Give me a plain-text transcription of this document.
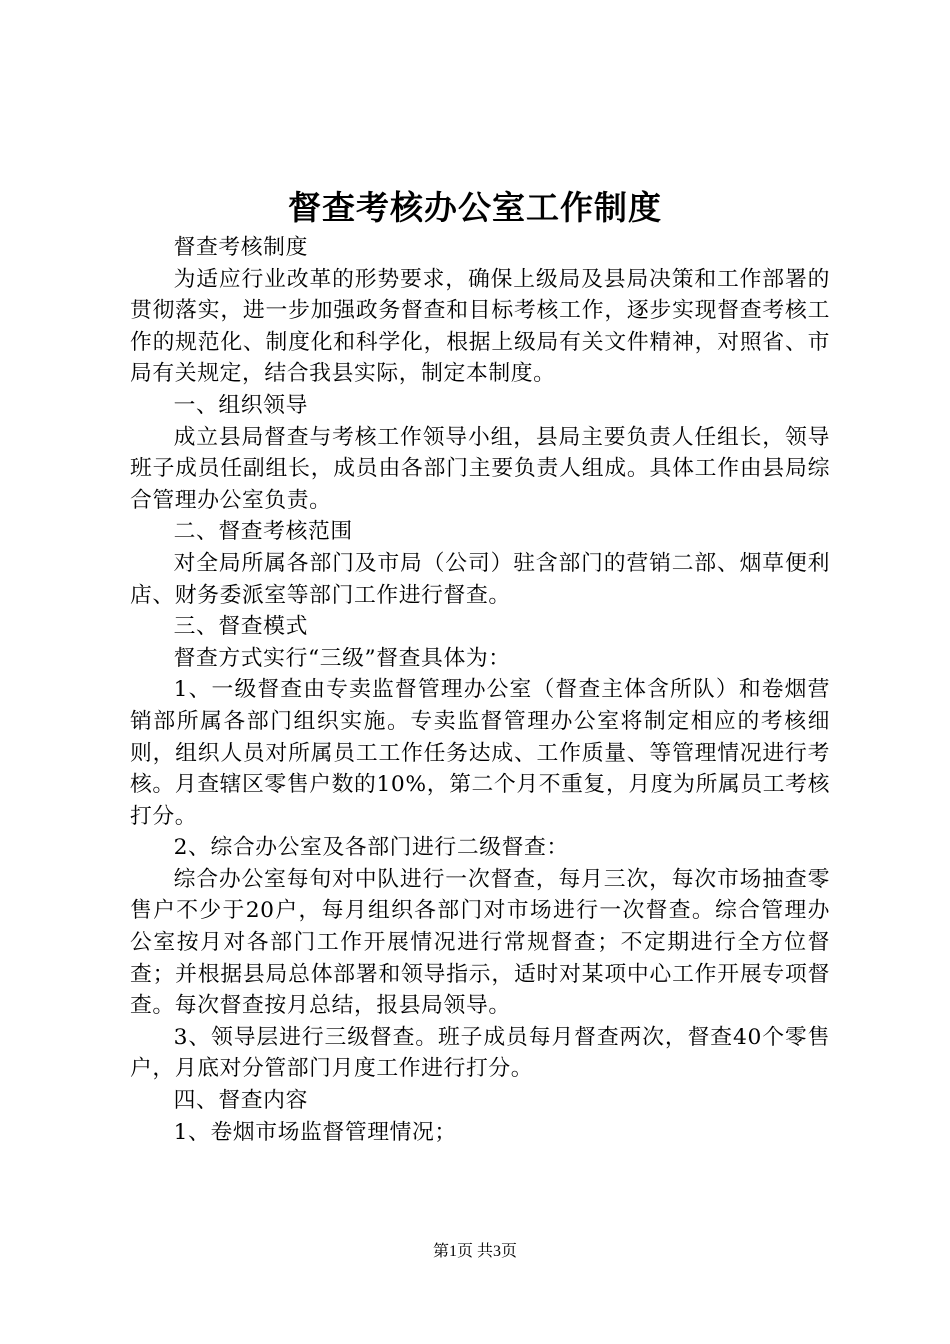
督查考核办公室工作制度

督查考核制度

为适应行业改革的形势要求，确保上级局及县局决策和工作部署的贯彻落实，进一步加强政务督查和目标考核工作，逐步实现督查考核工作的规范化、制度化和科学化，根据上级局有关文件精神，对照省、市局有关规定，结合我县实际，制定本制度。

一、组织领导

成立县局督查与考核工作领导小组，县局主要负责人任组长，领导班子成员任副组长，成员由各部门主要负责人组成。具体工作由县局综合管理办公室负责。

二、督查考核范围

对全局所属各部门及市局（公司）驻含部门的营销二部、烟草便利店、财务委派室等部门工作进行督查。

三、督查模式

督查方式实行“三级”督查具体为：

1、一级督查由专卖监督管理办公室（督查主体含所队）和卷烟营销部所属各部门组织实施。专卖监督管理办公室将制定相应的考核细则，组织人员对所属员工工作任务达成、工作质量、等管理情况进行考核。月查辖区零售户数的10%，第二个月不重复，月度为所属员工考核打分。

2、综合办公室及各部门进行二级督查：

综合办公室每旬对中队进行一次督查，每月三次，每次市场抽查零售户不少于20户，每月组织各部门对市场进行一次督查。综合管理办公室按月对各部门工作开展情况进行常规督查；不定期进行全方位督查；并根据县局总体部署和领导指示，适时对某项中心工作开展专项督查。每次督查按月总结，报县局领导。

3、领导层进行三级督查。班子成员每月督查两次，督查40个零售户，月底对分管部门月度工作进行打分。

四、督查内容

1、卷烟市场监督管理情况；

第1页 共3页
